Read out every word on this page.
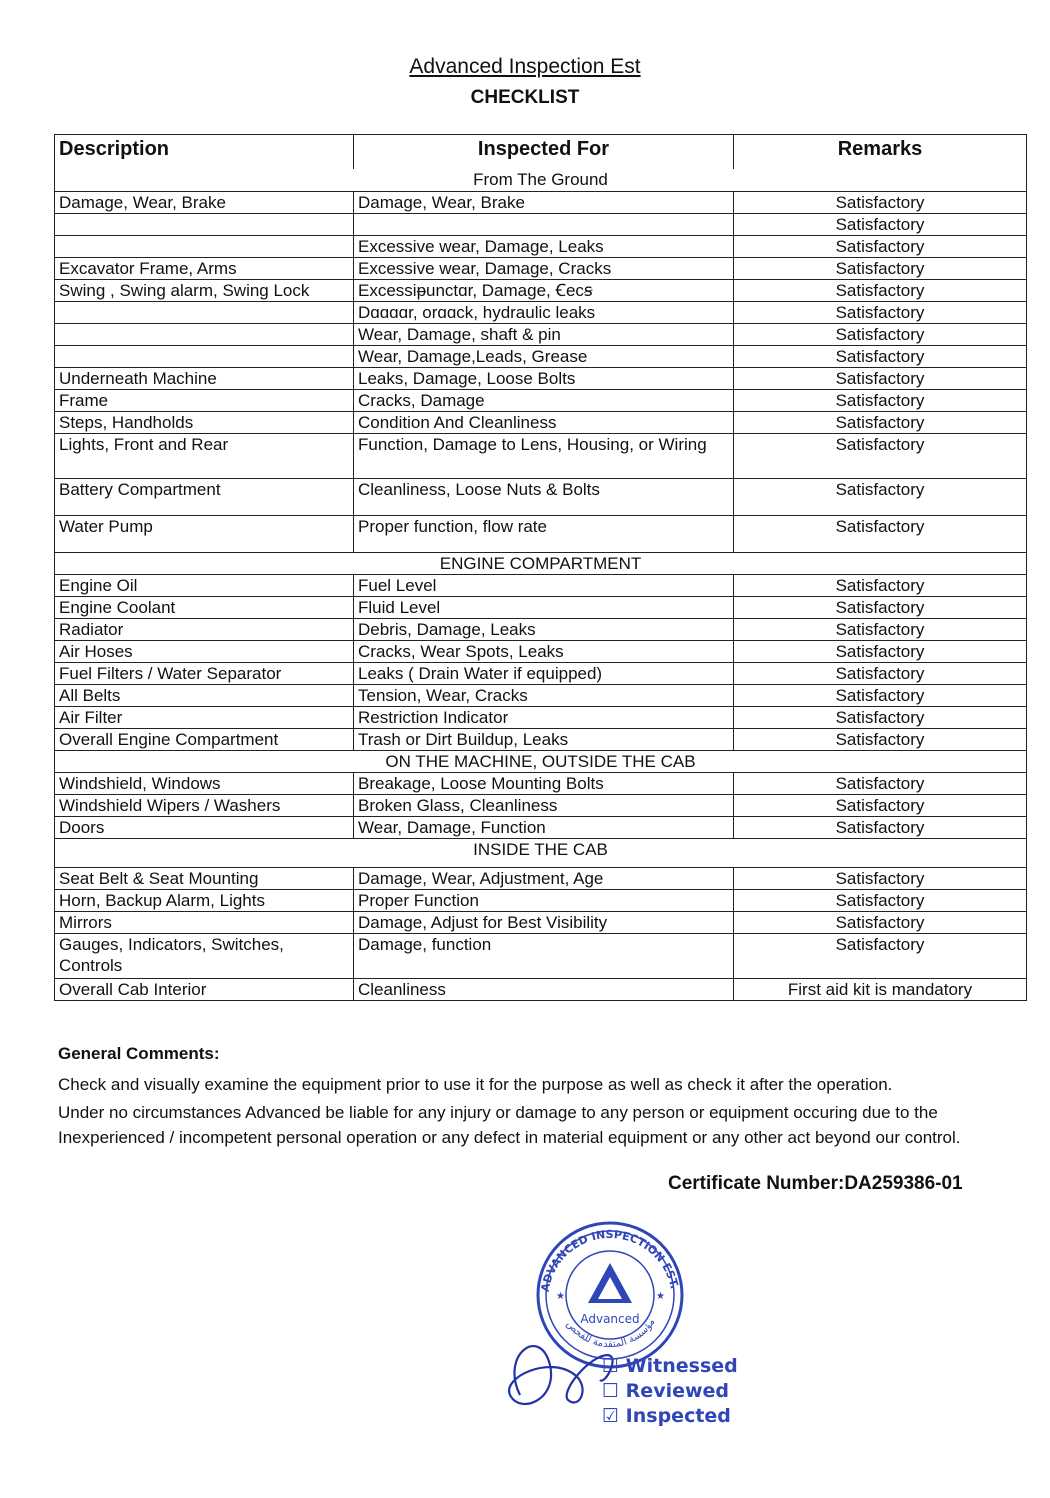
Advanced Inspection Est
CHECKLIST
Description	Inspected For	Remarks
From The Ground		
Damage, Wear, Brake	Damage, Wear, Brake	Satisfactory
		Satisfactory
	Excessive wear, Damage, Leaks	Satisfactory
Excavator Frame, Arms	Excessive wear, Damage, Cracks	Satisfactory
Swing , Swing alarm, Swing Lock	Excessiᵽunctɑr, Damage, Ꞓecꞩ	Satisfactory
	Dɑɑɑɑr, orɑɑck, hydraulic leaks	Satisfactory
	Wear, Damage, shaft & pin	Satisfactory
	Wear, Damage,Leads, Grease	Satisfactory
Underneath Machine	Leaks, Damage, Loose Bolts	Satisfactory
Frame	Cracks, Damage	Satisfactory
Steps, Handholds	Condition And Cleanliness	Satisfactory
Lights, Front and Rear	Function, Damage to Lens, Housing, or Wiring	Satisfactory
Battery Compartment	Cleanliness, Loose Nuts & Bolts	Satisfactory
Water Pump	Proper function, flow rate	Satisfactory
ENGINE COMPARTMENT		
Engine Oil	Fuel Level	Satisfactory
Engine Coolant	Fluid Level	Satisfactory
Radiator	Debris, Damage, Leaks	Satisfactory
Air Hoses	Cracks, Wear Spots, Leaks	Satisfactory
Fuel Filters / Water Separator	Leaks ( Drain Water if equipped)	Satisfactory
All Belts	Tension, Wear, Cracks	Satisfactory
Air Filter	Restriction Indicator	Satisfactory
Overall Engine Compartment	Trash or Dirt Buildup, Leaks	Satisfactory
ON THE MACHINE, OUTSIDE THE CAB		
Windshield, Windows	Breakage, Loose Mounting Bolts	Satisfactory
Windshield Wipers / Washers	Broken Glass, Cleanliness	Satisfactory
Doors	Wear, Damage, Function	Satisfactory
INSIDE THE CAB		
Seat Belt & Seat Mounting	Damage, Wear, Adjustment, Age	Satisfactory
Horn, Backup Alarm, Lights	Proper Function	Satisfactory
Mirrors	Damage, Adjust for Best Visibility	Satisfactory
Gauges, Indicators, Switches, Controls	Damage, function	Satisfactory
Overall Cab Interior	Cleanliness	First aid kit is mandatory
General Comments:
Check and visually examine the equipment prior to use it for the purpose as well as check it after the operation.
Under no circumstances Advanced be liable for any injury or damage to any person or equipment occuring due to the Inexperienced / incompetent personal operation or any defect in material equipment or any other act beyond our control.
Certificate Number:DA259386-01
ADVANCED INSPECTION EST.
مؤسسة المتقدمة للفحص
Advanced
★	★
☐ Witnessed
☐ Reviewed
☑ Inspected
